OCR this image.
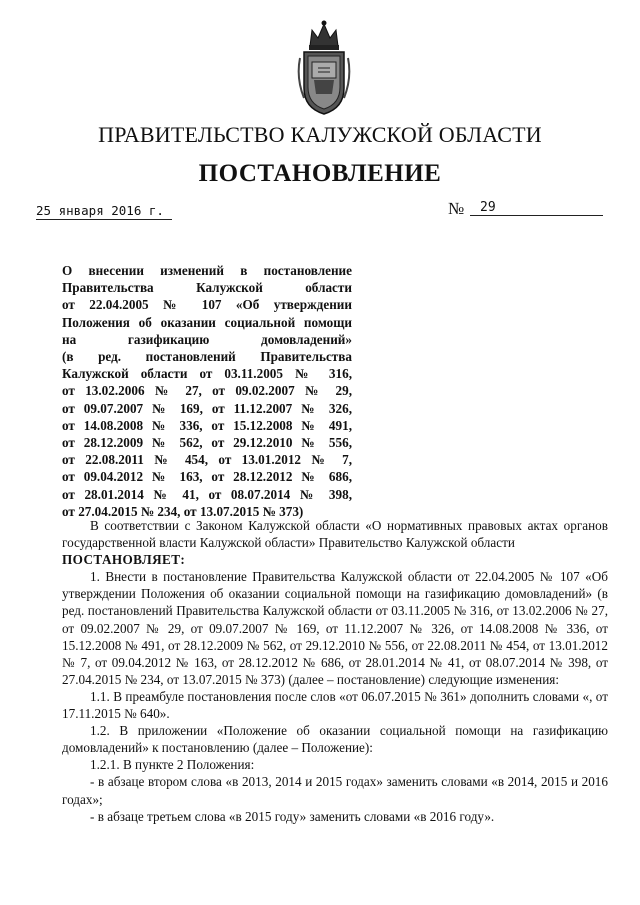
ПРАВИТЕЛЬСТВО КАЛУЖСКОЙ ОБЛАСТИ
ПОСТАНОВЛЕНИЕ
25 января 2016 г.	№	29
О внесении изменений в постановление
Правительства Калужской области
от 22.04.2005 № 107 «Об утверждении
Положения об оказании социальной помощи
на газификацию домовладений»
(в ред. постановлений Правительства
Калужской области от 03.11.2005 № 316,
от 13.02.2006 № 27, от 09.02.2007 № 29,
от 09.07.2007 № 169, от 11.12.2007 № 326,
от 14.08.2008 № 336, от 15.12.2008 № 491,
от 28.12.2009 № 562, от 29.12.2010 № 556,
от 22.08.2011 № 454, от 13.01.2012 № 7,
от 09.04.2012 № 163, от 28.12.2012 № 686,
от 28.01.2014 № 41, от 08.07.2014 № 398,
от 27.04.2015 № 234, от 13.07.2015 № 373)

В соответствии с Законом Калужской области «О нормативных правовых актах органов государственной власти Калужской области» Правительство Калужской области

ПОСТАНОВЛЯЕТ:

1. Внести в постановление Правительства Калужской области от 22.04.2005 № 107 «Об утверждении Положения об оказании социальной помощи на газификацию домовладений» (в ред. постановлений Правительства Калужской области от 03.11.2005 № 316, от 13.02.2006 № 27, от 09.02.2007 № 29, от 09.07.2007 № 169, от 11.12.2007 № 326, от 14.08.2008 № 336, от 15.12.2008 № 491, от 28.12.2009 № 562, от 29.12.2010 № 556, от 22.08.2011 № 454, от 13.01.2012 № 7, от 09.04.2012 № 163, от 28.12.2012 № 686, от 28.01.2014 № 41, от 08.07.2014 № 398, от 27.04.2015 № 234, от 13.07.2015 № 373) (далее – постановление) следующие изменения:

1.1. В преамбуле постановления после слов «от 06.07.2015 № 361» дополнить словами «, от 17.11.2015 № 640».

1.2. В приложении «Положение об оказании социальной помощи на газификацию домовладений» к постановлению (далее – Положение):

1.2.1. В пункте 2 Положения:

- в абзаце втором слова «в 2013, 2014 и 2015 годах» заменить словами «в 2014, 2015 и 2016 годах»;

- в абзаце третьем слова «в 2015 году» заменить словами «в 2016 году».
